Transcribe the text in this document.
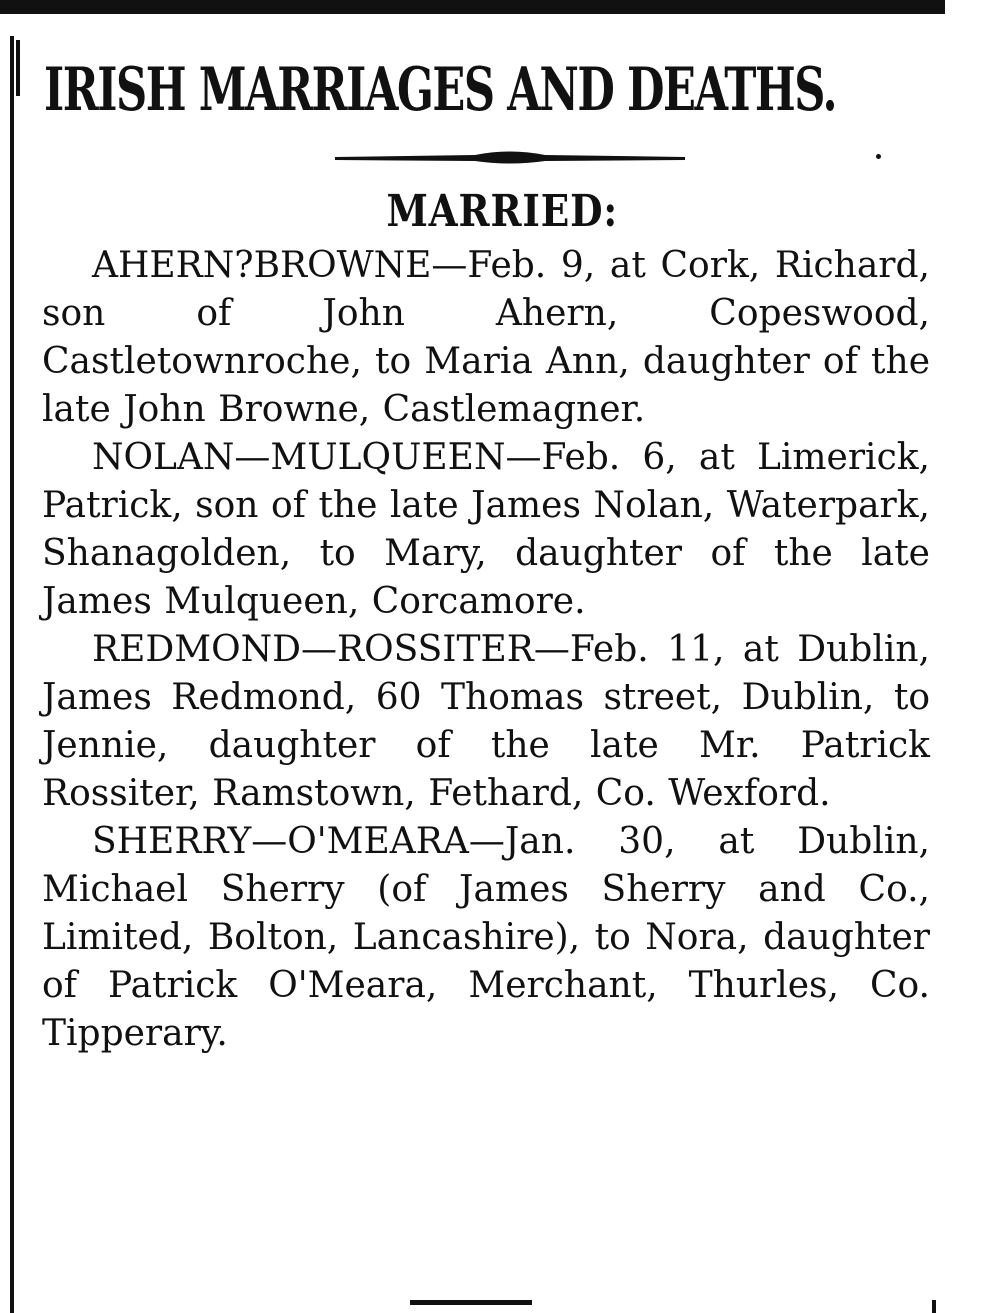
IRISH MARRIAGES AND DEATHS.
MARRIED:

AHERN?BROWNE—Feb. 9, at Cork, Richard, son of John Ahern, Copeswood, Castletownroche, to Maria Ann, daughter of the late John Browne, Castlemagner.

NOLAN—MULQUEEN—Feb. 6, at Limerick, Patrick, son of the late James Nolan, Waterpark, Shanagolden, to Mary, daughter of the late James Mulqueen, Corcamore.

REDMOND—ROSSITER—Feb. 11, at Dublin, James Redmond, 60 Thomas street, Dublin, to Jennie, daughter of the late Mr. Patrick Rossiter, Ramstown, Fethard, Co. Wexford.

SHERRY—O'MEARA—Jan. 30, at Dublin, Michael Sherry (of James Sherry and Co., Limited, Bolton, Lancashire), to Nora, daughter of Patrick O'Meara, Merchant, Thurles, Co. Tipperary.
